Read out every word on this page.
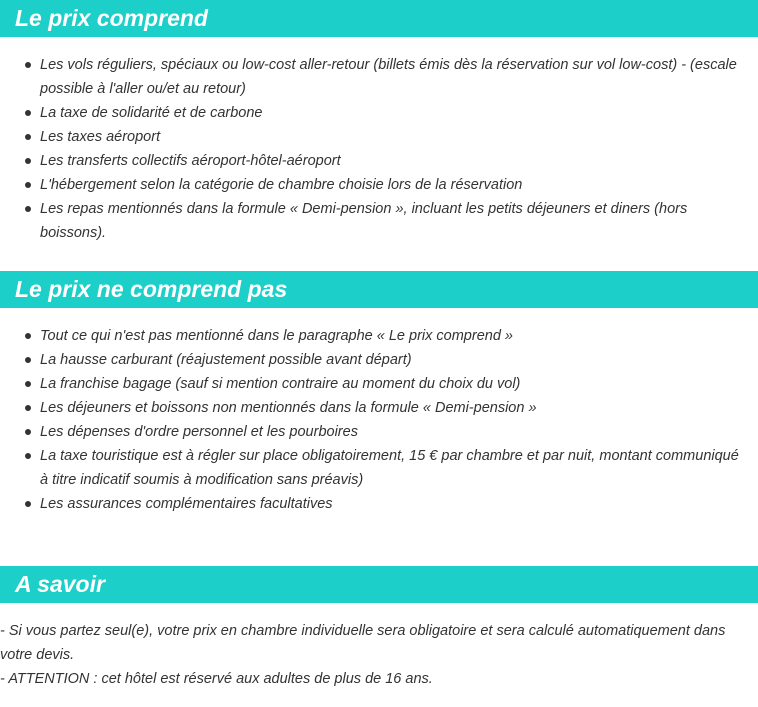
Le prix comprend
Les vols réguliers, spéciaux ou low-cost aller-retour (billets émis dès la réservation sur vol low-cost) - (escale possible à l'aller ou/et au retour)
La taxe de solidarité et de carbone
Les taxes aéroport
Les transferts collectifs aéroport-hôtel-aéroport
L'hébergement selon la catégorie de chambre choisie lors de la réservation
Les repas mentionnés dans la formule « Demi-pension », incluant les petits déjeuners et diners (hors boissons).
Le prix ne comprend pas
Tout ce qui n'est pas mentionné dans le paragraphe « Le prix comprend »
La hausse carburant (réajustement possible avant départ)
La franchise bagage (sauf si mention contraire au moment du choix du vol)
Les déjeuners et boissons non mentionnés dans la formule « Demi-pension »
Les dépenses d'ordre personnel et les pourboires
La taxe touristique est à régler sur place obligatoirement, 15 € par chambre et par nuit, montant communiqué à titre indicatif soumis à modification sans préavis)
Les assurances complémentaires facultatives
A savoir

- Si vous partez seul(e), votre prix en chambre individuelle sera obligatoire et sera calculé automatiquement dans votre devis.

- ATTENTION : cet hôtel est réservé aux adultes de plus de 16 ans.
